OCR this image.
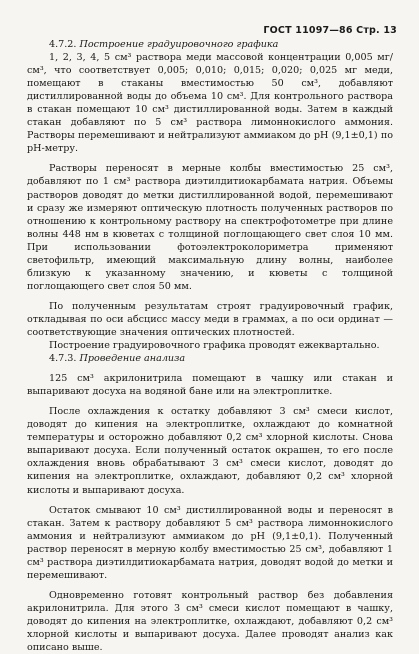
ГОСТ 11097—86 Стр. 13

4.7.2. Построение градуировочного графика

1, 2, 3, 4, 5 см³ раствора меди массовой концентрации 0,005 мг/см³, что соответствует 0,005; 0,010; 0,015; 0,020; 0,025 мг меди, помещают в стаканы вместимостью 50 см³, добавляют дистиллированной воды до объема 10 см³. Для контрольного раствора в стакан помещают 10 см³ дистиллированной воды. Затем в каждый стакан добавляют по 5 см³ раствора лимоннокислого аммония. Растворы перемешивают и нейтрализуют аммиаком до pH (9,1±0,1) по pH-метру.

Растворы переносят в мерные колбы вместимостью 25 см³, добавляют по 1 см³ раствора диэтилдитиокарбамата натрия. Объемы растворов доводят до метки дистиллированной водой, перемешивают и сразу же измеряют оптическую плотность полученных растворов по отношению к контрольному раствору на спектрофотометре при длине волны 448 нм в кюветах с толщиной поглощающего свет слоя 10 мм. При использовании фотоэлектроколориметра применяют светофильтр, имеющий максимальную длину волны, наиболее близкую к указанному значению, и кюветы с толщиной поглощающего свет слоя 50 мм.

По полученным результатам строят градуировочный график, откладывая по оси абсцисс массу меди в граммах, а по оси ординат — соответствующие значения оптических плотностей.

Построение градуировочного графика проводят ежеквартально.

4.7.3. Проведение анализа

125 см³ акрилонитрила помещают в чашку или стакан и выпаривают досуха на водяной бане или на электроплитке.

После охлаждения к остатку добавляют 3 см³ смеси кислот, доводят до кипения на электроплитке, охлаждают до комнатной температуры и осторожно добавляют 0,2 см³ хлорной кислоты. Снова выпаривают досуха. Если полученный остаток окрашен, то его после охлаждения вновь обрабатывают 3 см³ смеси кислот, доводят до кипения на электроплитке, охлаждают, добавляют 0,2 см³ хлорной кислоты и выпаривают досуха.

Остаток смывают 10 см³ дистиллированной воды и переносят в стакан. Затем к раствору добавляют 5 см³ раствора лимоннокислого аммония и нейтрализуют аммиаком до pH (9,1±0,1). Полученный раствор переносят в мерную колбу вместимостью 25 см³, добавляют 1 см³ раствора диэтилдитиокарбамата натрия, доводят водой до метки и перемешивают.

Одновременно готовят контрольный раствор без добавления акрилонитрила. Для этого 3 см³ смеси кислот помещают в чашку, доводят до кипения на электроплитке, охлаждают, добавляют 0,2 см³ хлорной кислоты и выпаривают досуха. Далее проводят анализ как описано выше.
